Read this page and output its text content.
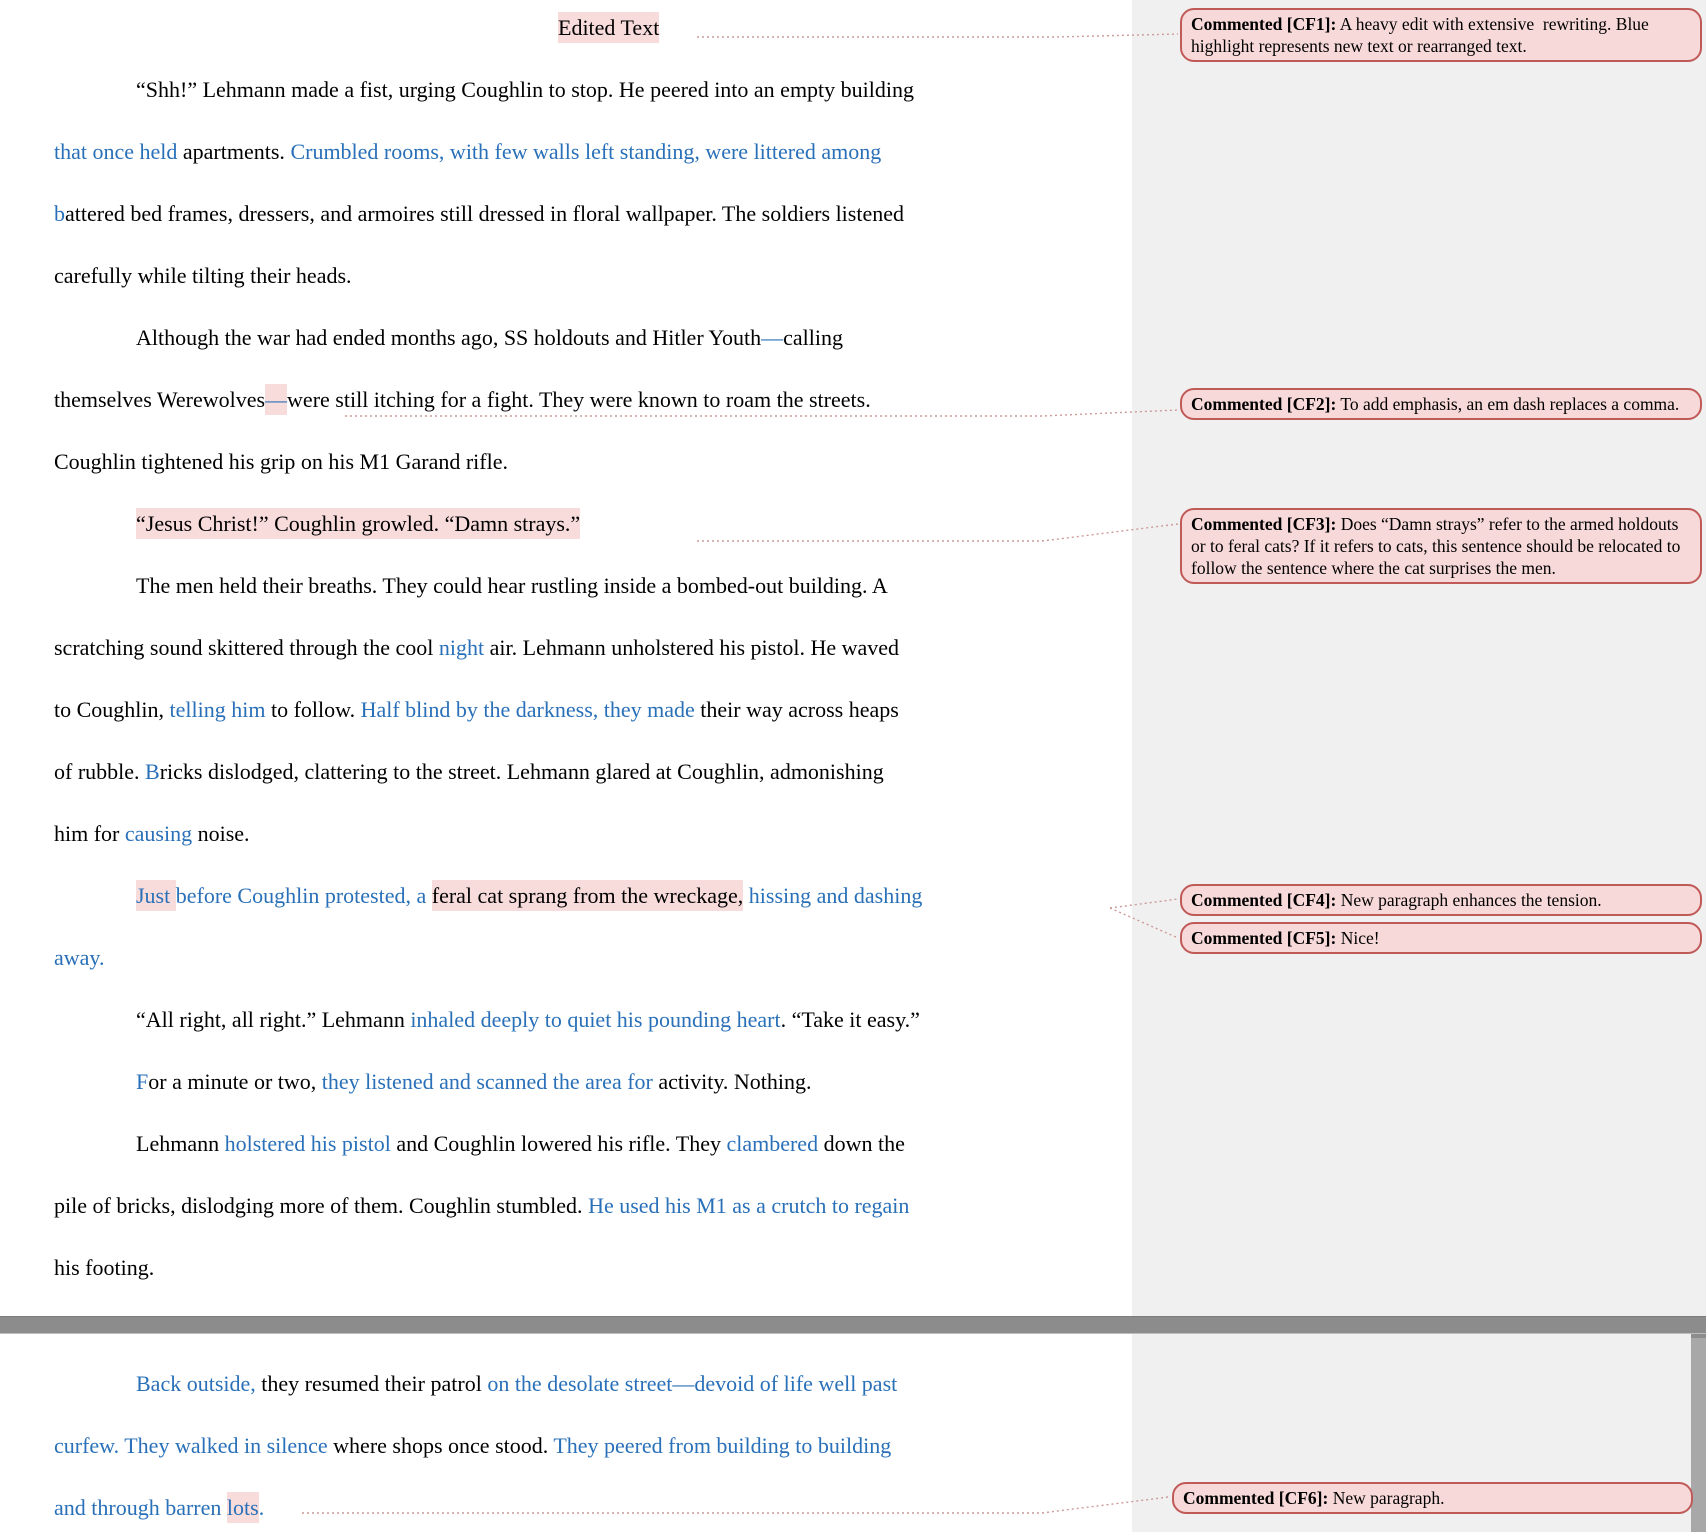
Edited Text
“Shh!” Lehmann made a fist, urging Coughlin to stop. He peered into an empty building
that once held apartments. Crumbled rooms, with few walls left standing, were littered among
battered bed frames, dressers, and armoires still dressed in floral wallpaper. The soldiers listened
carefully while tilting their heads.
Although the war had ended months ago, SS holdouts and Hitler Youth—calling
themselves Werewolves—were still itching for a fight. They were known to roam the streets.
Coughlin tightened his grip on his M1 Garand rifle.
“Jesus Christ!” Coughlin growled. “Damn strays.”
The men held their breaths. They could hear rustling inside a bombed-out building. A
scratching sound skittered through the cool night air. Lehmann unholstered his pistol. He waved
to Coughlin, telling him to follow. Half blind by the darkness, they made their way across heaps
of rubble. Bricks dislodged, clattering to the street. Lehmann glared at Coughlin, admonishing
him for causing noise.
Just before Coughlin protested, a feral cat sprang from the wreckage, hissing and dashing
away.
“All right, all right.” Lehmann inhaled deeply to quiet his pounding heart. “Take it easy.”
For a minute or two, they listened and scanned the area for activity. Nothing.
Lehmann holstered his pistol and Coughlin lowered his rifle. They clambered down the
pile of bricks, dislodging more of them. Coughlin stumbled. He used his M1 as a crutch to regain
his footing.
Back outside, they resumed their patrol on the desolate street—devoid of life well past
curfew. They walked in silence where shops once stood. They peered from building to building
and through barren lots.
Commented [CF1]: A heavy edit with extensive  rewriting. Blue highlight represents new text or rearranged text.
Commented [CF2]: To add emphasis, an em dash replaces a comma.
Commented [CF3]: Does “Damn strays” refer to the armed holdouts or to feral cats? If it refers to cats, this sentence should be relocated to follow the sentence where the cat surprises the men.
Commented [CF4]: New paragraph enhances the tension.
Commented [CF5]: Nice!
Commented [CF6]: New paragraph.
